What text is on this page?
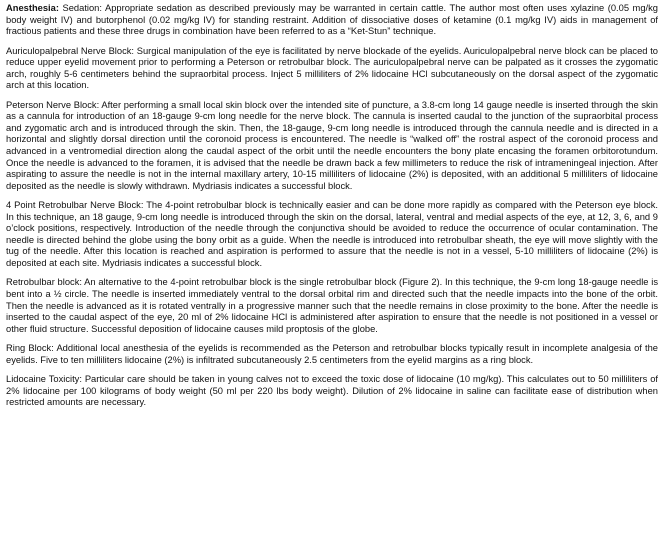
Anesthesia: Sedation: Appropriate sedation as described previously may be warranted in certain cattle. The author most often uses xylazine (0.05 mg/kg body weight IV) and butorphenol (0.02 mg/kg IV) for standing restraint. Addition of dissociative doses of ketamine (0.1 mg/kg IV) aids in management of fractious patients and these three drugs in combination have been referred to as a “Ket-Stun” technique.

Auriculopalpebral Nerve Block: Surgical manipulation of the eye is facilitated by nerve blockade of the eyelids. Auriculopalpebral nerve block can be placed to reduce upper eyelid movement prior to performing a Peterson or retrobulbar block. The auriculopalpebral nerve can be palpated as it crosses the zygomatic arch, roughly 5-6 centimeters behind the supraorbital process. Inject 5 milliliters of 2% lidocaine HCl subcutaneously on the dorsal aspect of the zygomatic arch at this location.

Peterson Nerve Block: After performing a small local skin block over the intended site of puncture, a 3.8-cm long 14 gauge needle is inserted through the skin as a cannula for introduction of an 18-gauge 9-cm long needle for the nerve block. The cannula is inserted caudal to the junction of the supraorbital process and zygomatic arch and is introduced through the skin. Then, the 18-gauge, 9-cm long needle is introduced through the cannula needle and is directed in a horizontal and slightly dorsal direction until the coronoid process is encountered. The needle is “walked off” the rostral aspect of the coronoid process and advanced in a ventromedial direction along the caudal aspect of the orbit until the needle encounters the bony plate encasing the foramen orbitorotundum. Once the needle is advanced to the foramen, it is advised that the needle be drawn back a few millimeters to reduce the risk of intrameningeal injection. After aspirating to assure the needle is not in the internal maxillary artery, 10-15 milliliters of lidocaine (2%) is deposited, with an additional 5 milliliters of lidocaine deposited as the needle is slowly withdrawn. Mydriasis indicates a successful block.

4 Point Retrobulbar Nerve Block: The 4-point retrobulbar block is technically easier and can be done more rapidly as compared with the Peterson eye block. In this technique, an 18 gauge, 9-cm long needle is introduced through the skin on the dorsal, lateral, ventral and medial aspects of the eye, at 12, 3, 6, and 9 o’clock positions, respectively. Introduction of the needle through the conjunctiva should be avoided to reduce the occurrence of ocular contamination. The needle is directed behind the globe using the bony orbit as a guide. When the needle is introduced into retrobulbar sheath, the eye will move slightly with the tug of the needle. After this location is reached and aspiration is performed to assure that the needle is not in a vessel, 5-10 milliliters of lidocaine (2%) is deposited at each site. Mydriasis indicates a successful block.

Retrobulbar block: An alternative to the 4-point retrobulbar block is the single retrobulbar block (Figure 2). In this technique, the 9-cm long 18-gauge needle is bent into a ½ circle. The needle is inserted immediately ventral to the dorsal orbital rim and directed such that the needle impacts into the bone of the orbit. Then the needle is advanced as it is rotated ventrally in a progressive manner such that the needle remains in close proximity to the bone. After the needle is inserted to the caudal aspect of the eye, 20 ml of 2% lidocaine HCl is administered after aspiration to ensure that the needle is not positioned in a vessel or other fluid structure. Successful deposition of lidocaine causes mild proptosis of the globe.

Ring Block: Additional local anesthesia of the eyelids is recommended as the Peterson and retrobulbar blocks typically result in incomplete analgesia of the eyelids. Five to ten milliliters lidocaine (2%) is infiltrated subcutaneously 2.5 centimeters from the eyelid margins as a ring block.

Lidocaine Toxicity: Particular care should be taken in young calves not to exceed the toxic dose of lidocaine (10 mg/kg). This calculates out to 50 milliliters of 2% lidocaine per 100 kilograms of body weight (50 ml per 220 lbs body weight). Dilution of 2% lidocaine in saline can facilitate ease of distribution when restricted amounts are necessary.
